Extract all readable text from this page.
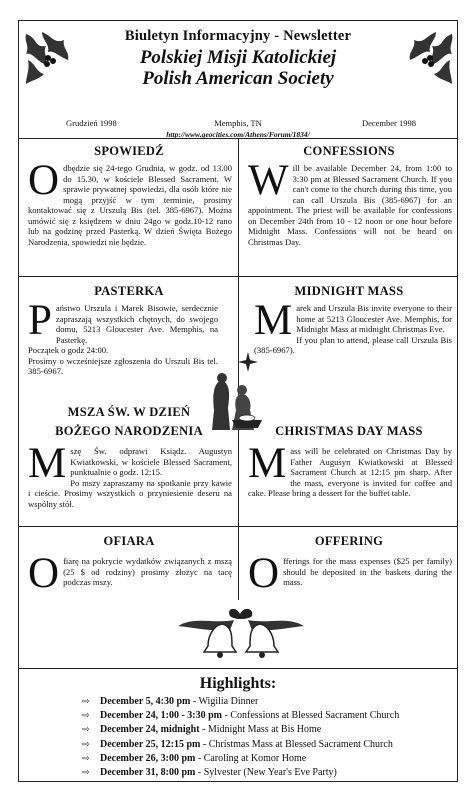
Biuletyn Informacyjny - Newsletter
Polskiej Misji Katolickiej
Polish American Society
Grudzień 1998	Memphis, TN	December 1998
http://www.geocities.com/Athens/Forum/1834/
SPOWIEDŹ
Odbędzie się 24-tego Grudnia, w godz. od 13.00 do 15.30, w kościele Blessed Sacrament. W sprawie prywatnej spowiedzi, dla osób które nie mogą przyjść w tym terminie, prosimy kontaktować się z Urszulą Bis (tel. 385-6967). Można umówić się z księdzem w dniu 24go w godz.10-12 rano lub na godzinę przed Pasterką. W dzień Święta Bożego Narodzenia, spowiedzi nie będzie.
PASTERKA
Państwo Urszula i Marek Bisowie, serdecznie zapraszają wszystkich chętnych, do swojego domu, 5213 Gloucester Ave. Memphis, na Pasterkę.
Początek o godz 24:00.
Prosimy o wcześniejsze zgłoszenia do Urszuli Bis tel. 385-6967.
MSZA ŚW. W DZIEŃ
BOŻEGO NARODZENIA
Mszę Św. odprawi Ksiądz. Augustyn Kwiatkowski, w kościele Blessed Sacrament, punktualnie o godz. 12:15.
Po mszy zapraszamy na spotkanie przy kawie i cieście. Prosimy wszystkich o przyniesienie deseru na wspólny stół.
OFIARA
Ofiarę na pokrycie wydatków związanych z mszą (25 $ od rodziny) prosimy złożyc na tacę podczas mszy.
CONFESSIONS
Will be available December 24, from 1:00 to 3:30 pm at Blessed Sacrament Church. If you can't come to the church during this time, you can call Urszula Bis (385-6967) for an appointment. The priest will be available for confessions on December 24th from 10 - 12 noon or one hour before Midnight Mass. Confessions will not be heard on Christmas Day.
MIDNIGHT MASS
Marek and Urszula Bis invite everyone to their home at 5213 Gloucester Ave. Memphis, for Midnight Mass at midnight Christmas Eve.
If you plan to attend, please call Urszula Bis (385-6967).
CHRISTMAS DAY MASS
Mass will be celebrated on Christmas Day by Father Augusyn Kwiatkowski at Blessed Sacrament Church at 12:15 pm sharp. After the mass, everyone is invited for coffee and cake. Please bring a dessert for the buffet table.
OFFERING
Offerings for the mass expenses ($25 per family) should be deposited in the baskets during the mass.
Highlights:
⇨ December 5, 4:30 pm - Wigilia Dinner
⇨ December 24, 1:00 - 3:30 pm - Confessions at Blessed Sacrament Church
⇨ December 24, midnight - Midnight Mass at Bis Home
⇨ December 25, 12:15 pm - Christmas Mass at Blessed Sacrament Church
⇨ December 26, 3:00 pm - Caroling at Komor Home
⇨ December 31, 8:00 pm - Sylvester (New Year's Eve Party)
